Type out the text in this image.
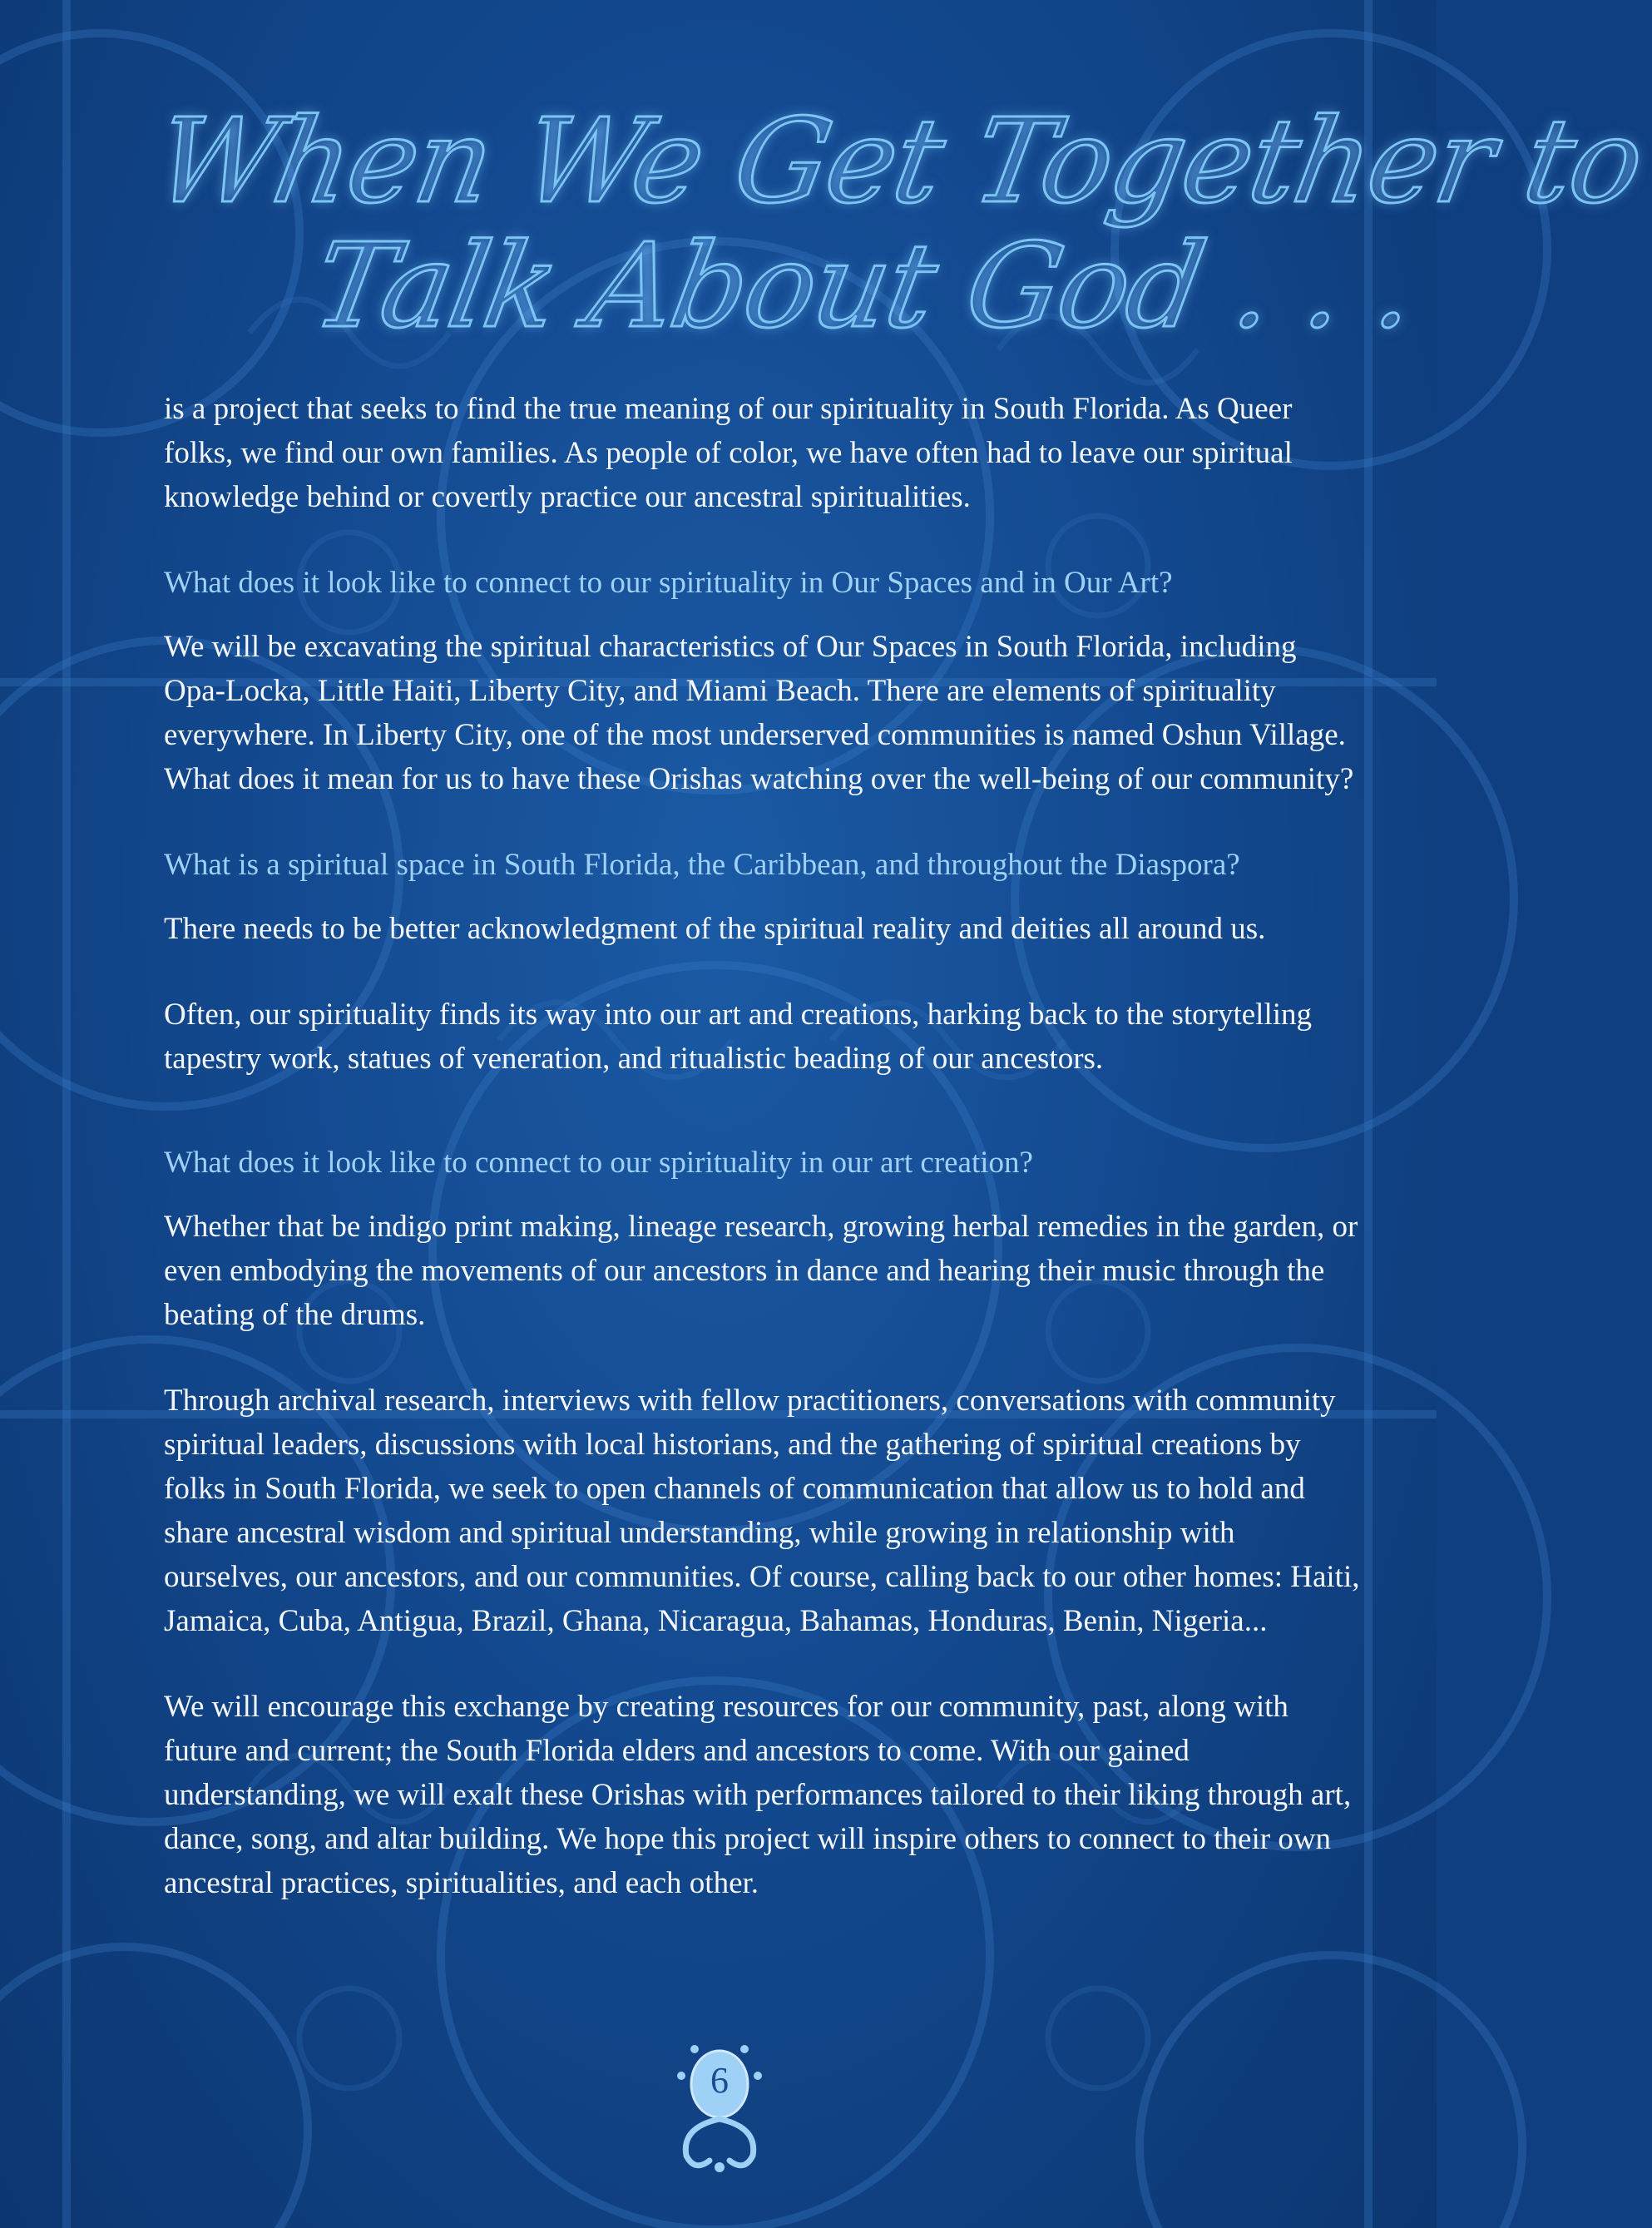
When We Get Together to
Talk About God . . .

is a project that seeks to find the true meaning of our spirituality in South Florida. As Queer folks, we find our own families. As people of color, we have often had to leave our spiritual knowledge behind or covertly practice our ancestral spiritualities.

What does it look like to connect to our spirituality in Our Spaces and in Our Art?

We will be excavating the spiritual characteristics of Our Spaces in South Florida, including Opa-Locka, Little Haiti, Liberty City, and Miami Beach. There are elements of spirituality everywhere. In Liberty City, one of the most underserved communities is named Oshun Village. What does it mean for us to have these Orishas watching over the well-being of our community?

What is a spiritual space in South Florida, the Caribbean, and throughout the Diaspora?

There needs to be better acknowledgment of the spiritual reality and deities all around us.

Often, our spirituality finds its way into our art and creations, harking back to the storytelling tapestry work, statues of veneration, and ritualistic beading of our ancestors.

What does it look like to connect to our spirituality in our art creation?

Whether that be indigo print making, lineage research, growing herbal remedies in the garden, or even embodying the movements of our ancestors in dance and hearing their music through the beating of the drums.

Through archival research, interviews with fellow practitioners, conversations with community spiritual leaders, discussions with local historians, and the gathering of spiritual creations by folks in South Florida, we seek to open channels of communication that allow us to hold and share ancestral wisdom and spiritual understanding, while growing in relationship with ourselves, our ancestors, and our communities. Of course, calling back to our other homes: Haiti, Jamaica, Cuba, Antigua, Brazil, Ghana, Nicaragua, Bahamas, Honduras, Benin, Nigeria...

We will encourage this exchange by creating resources for our community, past, along with future and current; the South Florida elders and ancestors to come. With our gained understanding, we will exalt these Orishas with performances tailored to their liking through art, dance, song, and altar building. We hope this project will inspire others to connect to their own ancestral practices, spiritualities, and each other.

6
